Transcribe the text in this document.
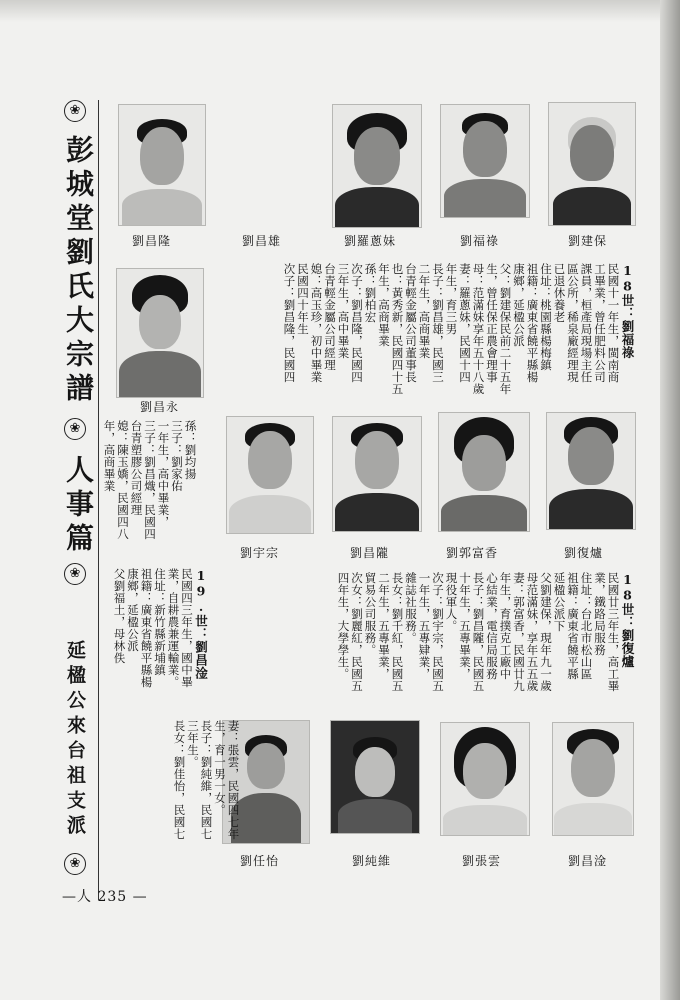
❀
彭城堂劉氏大宗譜
❀
人事篇
❀
延楹公來台祖支派
❀
—人 235 —
劉建保
劉福祿
劉羅蔥妹
劉昌雄
劉昌隆
18世：劉福祿
民國十一年生，閩南商
工畢業，曾任肥料公司
課員，桓產局現場主任
區公所，稀泉廠經理現
已退休養老
住址：桃園縣楊梅鎮
祖籍：廣東省饒平縣楊
康鄉，延楹公派
父：劉建保民前二十五年
生，曾任保正農會理事
母：范滿妹享年五十八歲
妻：羅蔥妹，民國十四
年生，育三男
長子：劉昌雄，民國三
二年生，高商畢業
台青輕金屬公司董事長
也：黃秀新，民國四十五
年生，高商畢業
孫：劉柏宏
次子：劉昌隆，民國四
三年生，高中畢業
台青輕金屬公司經理
媳：高玉珍，初中畢業
民國四十年生
次子：劉昌隆，民國四
劉昌永
孫：劉均揚
三子：劉家佑
一年生，高中畢業，
三子：劉昌熾，民國四
台青塑膠公司經理
媳：陳玉嬌，民國四八
年，高商畢業
劉復爐
劉郭富香
劉昌隴
劉宇宗
18世：劉復爐
民國廿三年生，高工畢
業，鐵路局服務
住址：台北市松山區
祖籍：廣東省饒平縣
延楹公派下
父劉建保，現年九一歲
母范滿妹，享年五五歲
妻：郭富香，民國廿九
年生，育撲克工廠中
心結業，電信局服務
長子：劉昌隴，民國五
十年生，五專畢業，
現役軍人。
次子：劉宇宗，民國五
一年生，五專肄業，
雜誌社服務。
長女：劉千紅，民國五
二年生，五專畢業，
貿易公司服務。
次女：劉麗紅，民國五
四年生，大學學生。
19.世：劉昌淦
民國四三年生，國中畢
業，自耕農兼運輸業。
住址：新竹縣新埔鎮
祖籍：廣東省饒平縣楊
康鄉，延楹公派
父劉福土，母林佚
妻：張雲，民國四七年
生，育一男一女。
長子：劉純維，民國七
三年生。
長女：劉佳怡，民國七
劉昌淦
劉張雲
劉純維
劉任怡
